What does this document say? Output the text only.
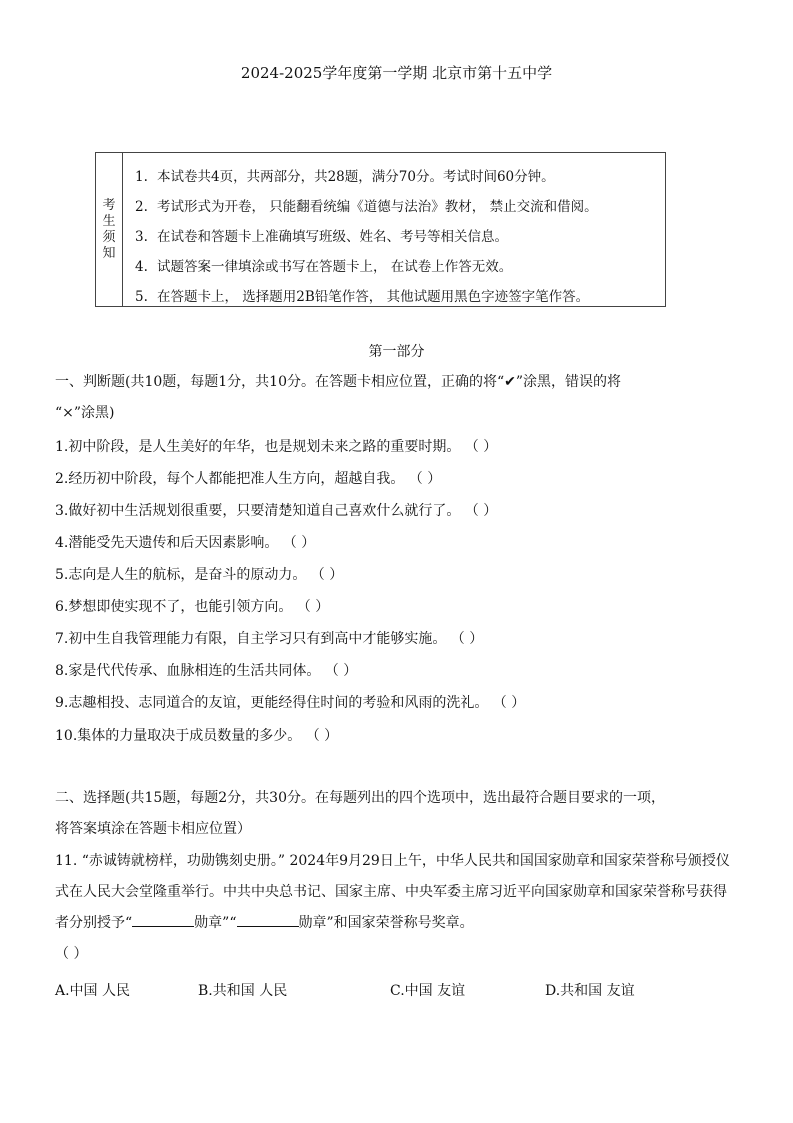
2024-2025学年度第一学期 北京市第十五中学
考
生
须
知
1. 本试卷共4页，共两部分，共28题，满分70分。考试时间60分钟。
2. 考试形式为开卷， 只能翻看统编《道德与法治》教材， 禁止交流和借阅。
3. 在试卷和答题卡上准确填写班级、姓名、考号等相关信息。
4. 试题答案一律填涂或书写在答题卡上， 在试卷上作答无效。
5. 在答题卡上， 选择题用2B铅笔作答， 其他试题用黑色字迹签字笔作答。
第一部分
一、判断题(共10题，每题1分，共10分。在答题卡相应位置，正确的将“✔”涂黑，错误的将
“×”涂黑)
1.初中阶段，是人生美好的年华，也是规划未来之路的重要时期。 （ ）
2.经历初中阶段，每个人都能把准人生方向，超越自我。 （ ）
3.做好初中生活规划很重要，只要清楚知道自己喜欢什么就行了。 （ ）
4.潜能受先天遗传和后天因素影响。 （ ）
5.志向是人生的航标，是奋斗的原动力。 （ ）
6.梦想即使实现不了，也能引领方向。 （ ）
7.初中生自我管理能力有限，自主学习只有到高中才能够实施。 （ ）
8.家是代代传承、血脉相连的生活共同体。 （ ）
9.志趣相投、志同道合的友谊，更能经得住时间的考验和风雨的洗礼。 （ ）
10.集体的力量取决于成员数量的多少。 （ ）
二、选择题(共15题，每题2分，共30分。在每题列出的四个选项中，选出最符合题目要求的一项，
将答案填涂在答题卡相应位置）
11. “赤诚铸就榜样，功勋镌刻史册。” 2024年9月29日上午，中华人民共和国国家勋章和国家荣誉称号颁授仪式在人民大会堂隆重举行。中共中央总书记、国家主席、中央军委主席习近平向国家勋章和国家荣誉称号获得者分别授予“	勋章”“	勋章”和国家荣誉称号奖章。
（ ）
A.中国 人民	B.共和国 人民	C.中国 友谊	D.共和国 友谊
